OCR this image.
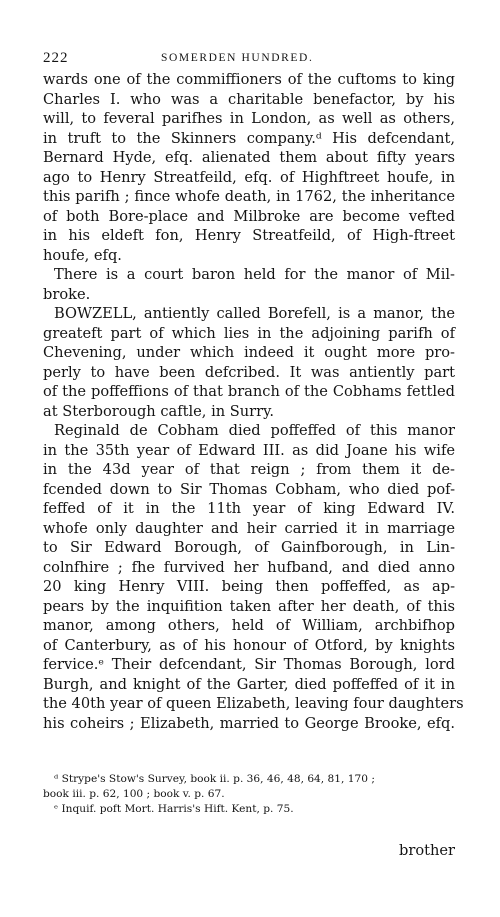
222	SOMERDEN HUNDRED.
wards one of the commiffioners of the cuftoms to king
Charles I. who was a charitable benefactor, by his
will, to feveral parifhes in London, as well as others,
in truft to the Skinners company.ᵈ His defcendant,
Bernard Hyde, efq. alienated them about fifty years
ago to Henry Streatfeild, efq. of Highftreet houfe, in
this parifh ; fince whofe death, in 1762, the inheritance
of both Bore-place and Milbroke are become vefted
in his eldeft fon, Henry Streatfeild, of High-ftreet
houfe, efq.
There is a court baron held for the manor of Mil-
broke.
BOWZELL, antiently called Borefell, is a manor, the
greateft part of which lies in the adjoining parifh of
Chevening, under which indeed it ought more pro-
perly to have been defcribed. It was antiently part
of the poffeffions of that branch of the Cobhams fettled
at Sterborough caftle, in Surry.
Reginald de Cobham died poffeffed of this manor
in the 35th year of Edward III. as did Joane his wife
in the 43d year of that reign ; from them it de-
fcended down to Sir Thomas Cobham, who died pof-
feffed of it in the 11th year of king Edward IV.
whofe only daughter and heir carried it in marriage
to Sir Edward Borough, of Gainfborough, in Lin-
colnfhire ; fhe furvived her hufband, and died anno
20 king Henry VIII. being then poffeffed, as ap-
pears by the inquifition taken after her death, of this
manor, among others, held of William, archbifhop
of Canterbury, as of his honour of Otford, by knights
fervice.ᵉ Their defcendant, Sir Thomas Borough, lord
Burgh, and knight of the Garter, died poffeffed of it in
the 40th year of queen Elizabeth, leaving four daughters
his coheirs ; Elizabeth, married to George Brooke, efq.
ᵈ Strype's Stow's Survey, book ii. p. 36, 46, 48, 64, 81, 170 ;
book iii. p. 62, 100 ; book v. p. 67.
ᵉ Inquif. poft Mort. Harris's Hift. Kent, p. 75.
brother
